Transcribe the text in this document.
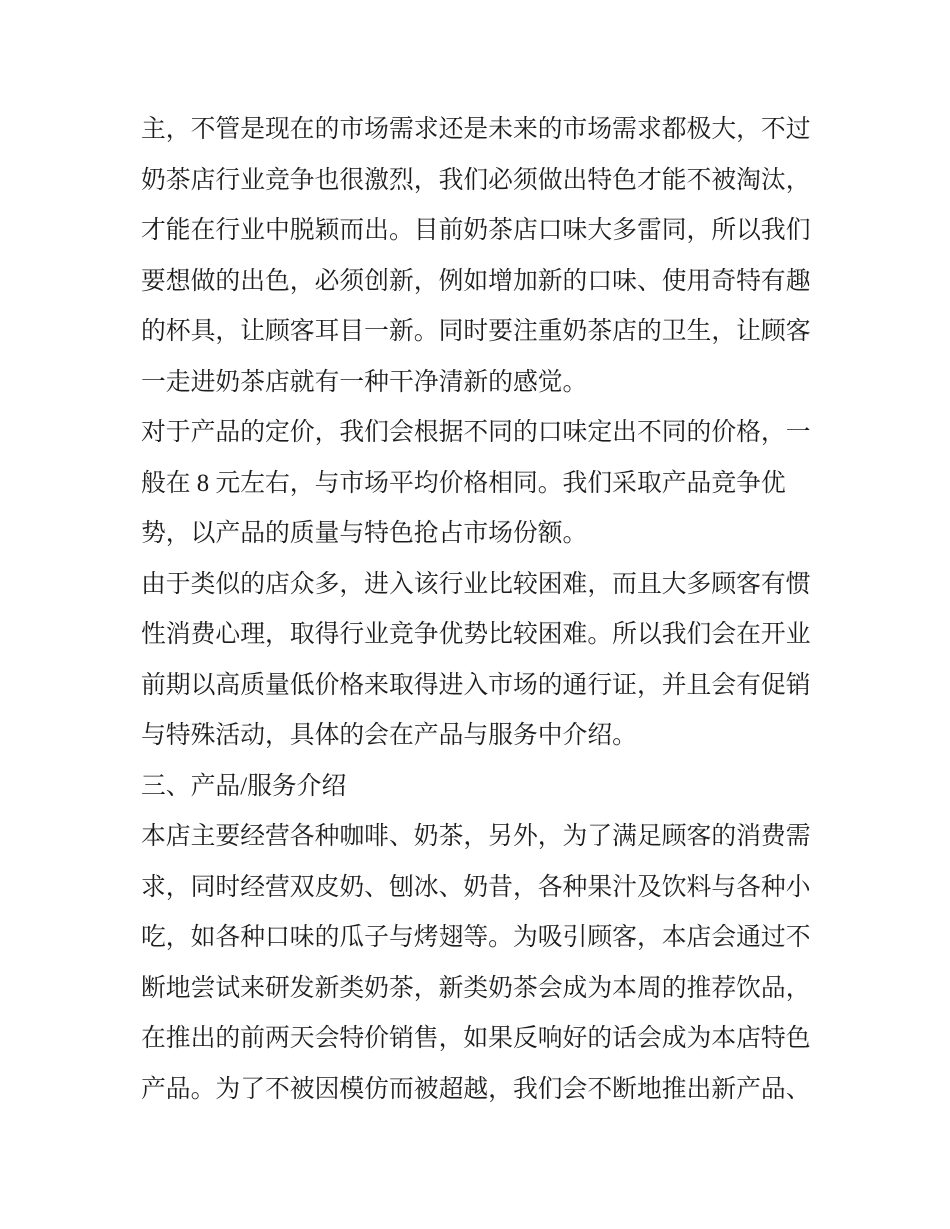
主，不管是现在的市场需求还是未来的市场需求都极大，不过
奶茶店行业竞争也很激烈，我们必须做出特色才能不被淘汰，
才能在行业中脱颖而出。目前奶茶店口味大多雷同，所以我们
要想做的出色，必须创新，例如增加新的口味、使用奇特有趣
的杯具，让顾客耳目一新。同时要注重奶茶店的卫生，让顾客
一走进奶茶店就有一种干净清新的感觉。
对于产品的定价，我们会根据不同的口味定出不同的价格，一
般在 8 元左右，与市场平均价格相同。我们采取产品竞争优
势，以产品的质量与特色抢占市场份额。
由于类似的店众多，进入该行业比较困难，而且大多顾客有惯
性消费心理，取得行业竞争优势比较困难。所以我们会在开业
前期以高质量低价格来取得进入市场的通行证，并且会有促销
与特殊活动，具体的会在产品与服务中介绍。
三、产品/服务介绍
本店主要经营各种咖啡、奶茶，另外，为了满足顾客的消费需
求，同时经营双皮奶、刨冰、奶昔，各种果汁及饮料与各种小
吃，如各种口味的瓜子与烤翅等。为吸引顾客，本店会通过不
断地尝试来研发新类奶茶，新类奶茶会成为本周的推荐饮品，
在推出的前两天会特价销售，如果反响好的话会成为本店特色
产品。为了不被因模仿而被超越，我们会不断地推出新产品、
